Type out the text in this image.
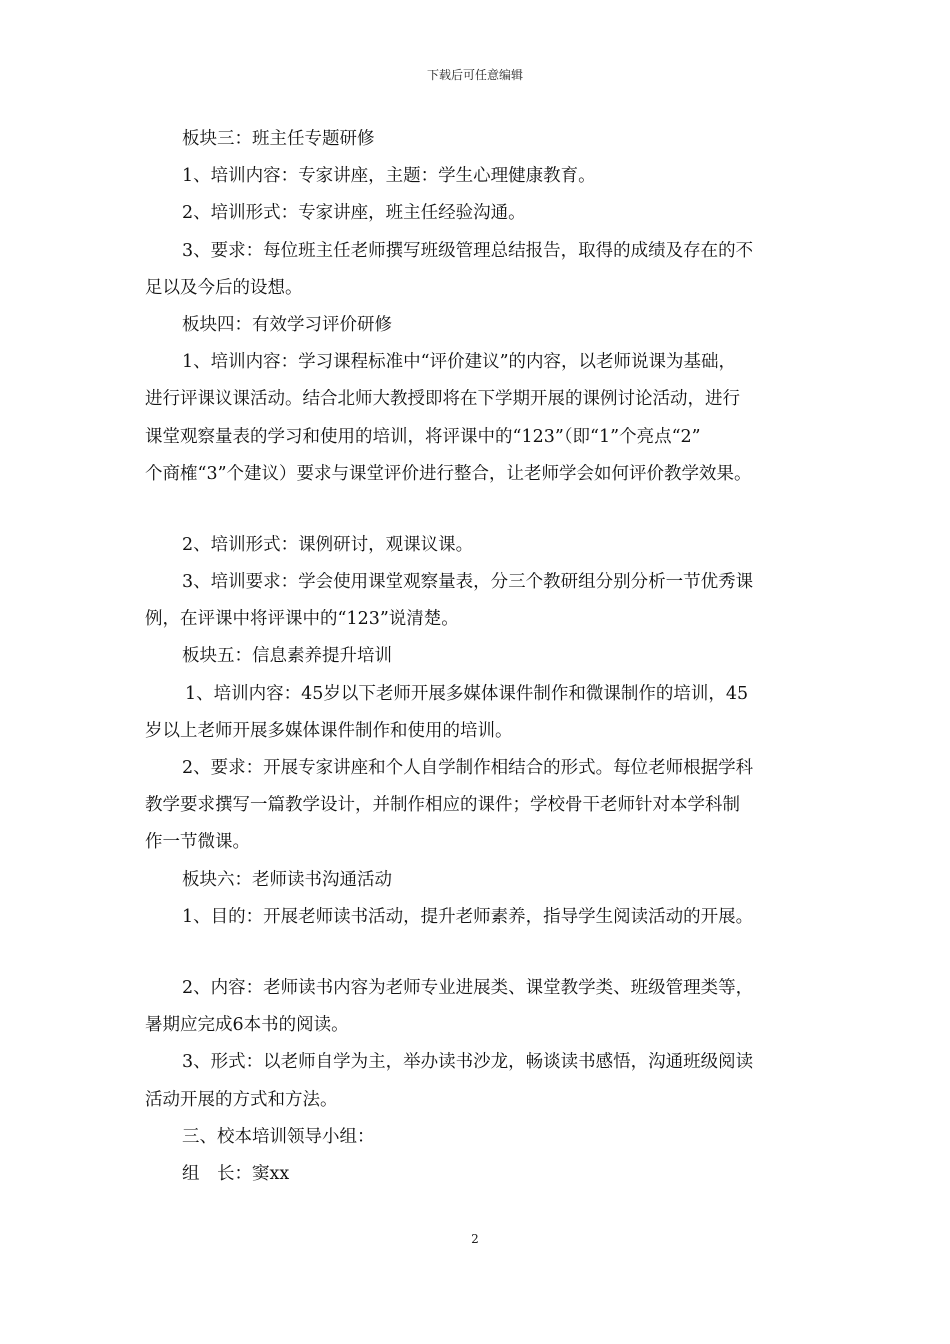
下载后可任意编辑
板块三：班主任专题研修
1、培训内容：专家讲座，主题：学生心理健康教育。
2、培训形式：专家讲座，班主任经验沟通。
3、要求：每位班主任老师撰写班级管理总结报告，取得的成绩及存在的不
足以及今后的设想。
板块四：有效学习评价研修
1、培训内容：学习课程标准中“评价建议”的内容，以老师说课为基础，
进行评课议课活动。结合北师大教授即将在下学期开展的课例讨论活动，进行
课堂观察量表的学习和使用的培训，将评课中的“123”（即“1”个亮点“2”
个商榷“3”个建议）要求与课堂评价进行整合，让老师学会如何评价教学效果。
2、培训形式：课例研讨，观课议课。
3、培训要求：学会使用课堂观察量表，分三个教研组分别分析一节优秀课
例，在评课中将评课中的“123”说清楚。
板块五：信息素养提升培训
1、培训内容：45岁以下老师开展多媒体课件制作和微课制作的培训，45
岁以上老师开展多媒体课件制作和使用的培训。
2、要求：开展专家讲座和个人自学制作相结合的形式。每位老师根据学科
教学要求撰写一篇教学设计，并制作相应的课件；学校骨干老师针对本学科制
作一节微课。
板块六：老师读书沟通活动
1、目的：开展老师读书活动，提升老师素养，指导学生阅读活动的开展。
2、内容：老师读书内容为老师专业进展类、课堂教学类、班级管理类等，
暑期应完成6本书的阅读。
3、形式：以老师自学为主，举办读书沙龙，畅谈读书感悟，沟通班级阅读
活动开展的方式和方法。
三、校本培训领导小组：
组　长：窦xx
2
